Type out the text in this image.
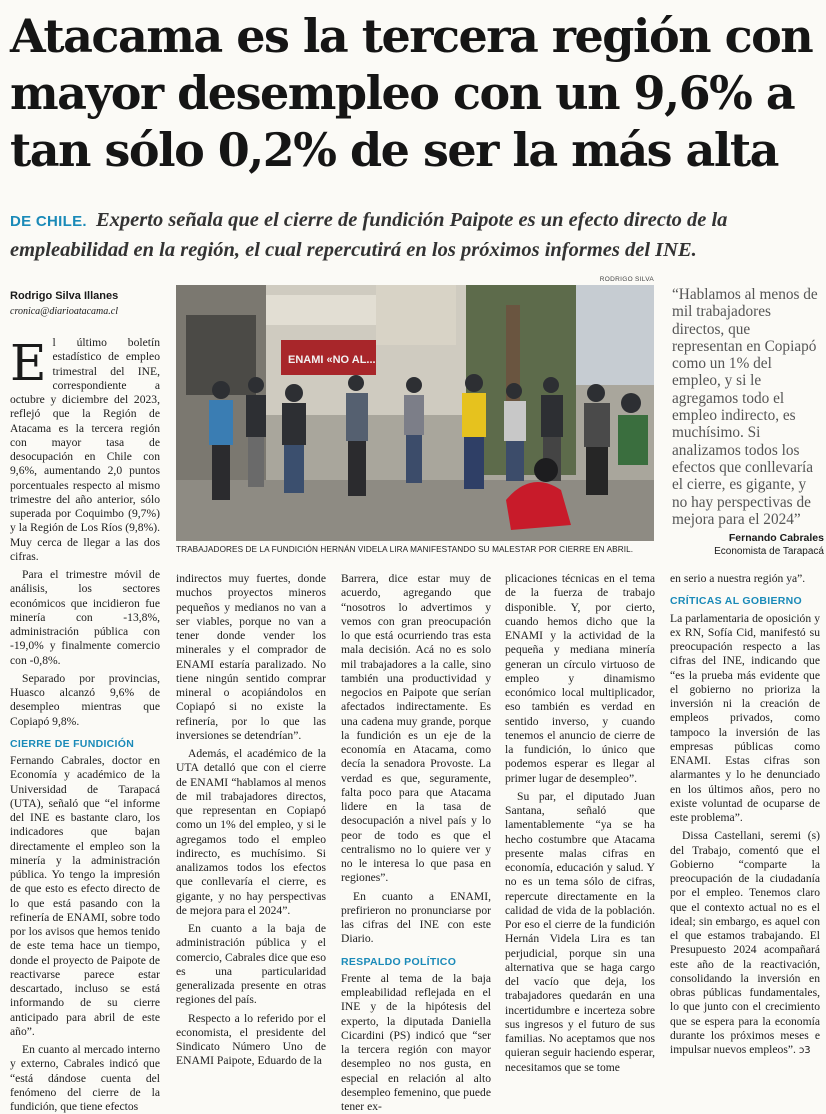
Atacama es la tercera región con
mayor desempleo con un 9,6% a
tan sólo 0,2% de ser la más alta
DE CHILE. Experto señala que el cierre de fundición Paipote es un efecto directo de la empleabilidad en la región, el cual repercutirá en los próximos informes del INE.
Rodrigo Silva Illanes
cronica@diarioatacama.cl
RODRIGO SILVA
ENAMI «NO AL...
TRABAJADORES DE LA FUNDICIÓN HERNÁN VIDELA LIRA MANIFESTANDO SU MALESTAR POR CIERRE EN ABRIL.
“Hablamos al menos de mil trabajadores directos, que representan en Copiapó como un 1% del empleo, y si le agregamos todo el empleo indirecto, es muchísimo. Si analizamos todos los efectos que conllevaría el cierre, es gigante, y no hay perspectivas de mejora para el 2024”
Fernando Cabrales
Economista de Tarapacá

El último boletín estadístico de empleo trimestral del INE, correspondiente a octubre y diciembre del 2023, reflejó que la Región de Atacama es la tercera región con mayor tasa de desocupación en Chile con 9,6%, aumentando 2,0 puntos porcentuales respecto al mismo trimestre del año anterior, sólo superada por Coquimbo (9,7%) y la Región de Los Ríos (9,8%). Muy cerca de llegar a las dos cifras.

Para el trimestre móvil de análisis, los sectores económicos que incidieron fue minería con -13,8%, administración pública con -19,0% y finalmente comercio con -0,8%.

Separado por provincias, Huasco alcanzó 9,6% de desempleo mientras que Copiapó 9,8%.

CIERRE DE FUNDICIÓN

Fernando Cabrales, doctor en Economía y académico de la Universidad de Tarapacá (UTA), señaló que “el informe del INE es bastante claro, los indicadores que bajan directamente el empleo son la minería y la administración pública. Yo tengo la impresión de que esto es efecto directo de lo que está pasando con la refinería de ENAMI, sobre todo por los avisos que hemos tenido de este tema hace un tiempo, donde el proyecto de Paipote de reactivarse parece estar descartado, incluso se está informando de su cierre anticipado para abril de este año”.

En cuanto al mercado interno y externo, Cabrales indicó que “está dándose cuenta del fenómeno del cierre de la fundición, que tiene efectos

indirectos muy fuertes, donde muchos proyectos mineros pequeños y medianos no van a ser viables, porque no van a tener donde vender los minerales y el comprador de ENAMI estaría paralizado. No tiene ningún sentido comprar mineral o acopiándolos en Copiapó si no existe la refinería, por lo que las inversiones se detendrían”.

Además, el académico de la UTA detalló que con el cierre de ENAMI “hablamos al menos de mil trabajadores directos, que representan en Copiapó como un 1% del empleo, y si le agregamos todo el empleo indirecto, es muchísimo. Si analizamos todos los efectos que conllevaría el cierre, es gigante, y no hay perspectivas de mejora para el 2024”.

En cuanto a la baja de administración pública y el comercio, Cabrales dice que eso es una particularidad generalizada presente en otras regiones del país.

Respecto a lo referido por el economista, el presidente del Sindicato Número Uno de ENAMI Paipote, Eduardo de la

Barrera, dice estar muy de acuerdo, agregando que “nosotros lo advertimos y vemos con gran preocupación lo que está ocurriendo tras esta mala decisión. Acá no es solo mil trabajadores a la calle, sino también una productividad y negocios en Paipote que serían afectados indirectamente. Es una cadena muy grande, porque la fundición es un eje de la economía en Atacama, como decía la senadora Provoste. La verdad es que, seguramente, falta poco para que Atacama lidere en la tasa de desocupación a nivel país y lo peor de todo es que el centralismo no lo quiere ver y no le interesa lo que pasa en regiones”.

En cuanto a ENAMI, prefirieron no pronunciarse por las cifras del INE con este Diario.

RESPALDO POLÍTICO

Frente al tema de la baja empleabilidad reflejada en el INE y de la hipótesis del experto, la diputada Daniella Cicardini (PS) indicó que “ser la tercera región con mayor desempleo no nos gusta, en especial en relación al alto desempleo femenino, que puede tener ex-

plicaciones técnicas en el tema de la fuerza de trabajo disponible. Y, por cierto, cuando hemos dicho que la ENAMI y la actividad de la pequeña y mediana minería generan un círculo virtuoso de empleo y dinamismo económico local multiplicador, eso también es verdad en sentido inverso, y cuando tenemos el anuncio de cierre de la fundición, lo único que podemos esperar es llegar al primer lugar de desempleo”.

Su par, el diputado Juan Santana, señaló que lamentablemente “ya se ha hecho costumbre que Atacama presente malas cifras en economía, educación y salud. Y no es un tema sólo de cifras, repercute directamente en la calidad de vida de la población. Por eso el cierre de la fundición Hernán Videla Lira es tan perjudicial, porque sin una alternativa que se haga cargo del vacío que deja, los trabajadores quedarán en una incertidumbre e incerteza sobre sus ingresos y el futuro de sus familias. No aceptamos que nos quieran seguir haciendo esperar, necesitamos que se tome

en serio a nuestra región ya”.

CRÍTICAS AL GOBIERNO

La parlamentaria de oposición y ex RN, Sofía Cid, manifestó su preocupación respecto a las cifras del INE, indicando que “es la prueba más evidente que el gobierno no prioriza la inversión ni la creación de empleos privados, como tampoco la inversión de las empresas públicas como ENAMI. Estas cifras son alarmantes y lo he denunciado en los últimos años, pero no existe voluntad de ocuparse de este problema”.

Dissa Castellani, seremi (s) del Trabajo, comentó que el Gobierno “comparte la preocupación de la ciudadanía por el empleo. Tenemos claro que el contexto actual no es el ideal; sin embargo, es aquel con el que estamos trabajando. El Presupuesto 2024 acompañará este año de la reactivación, consolidando la inversión en obras públicas fundamentales, lo que junto con el crecimiento que se espera para la economía durante los próximos meses e impulsar nuevos empleos”. ↄ3
